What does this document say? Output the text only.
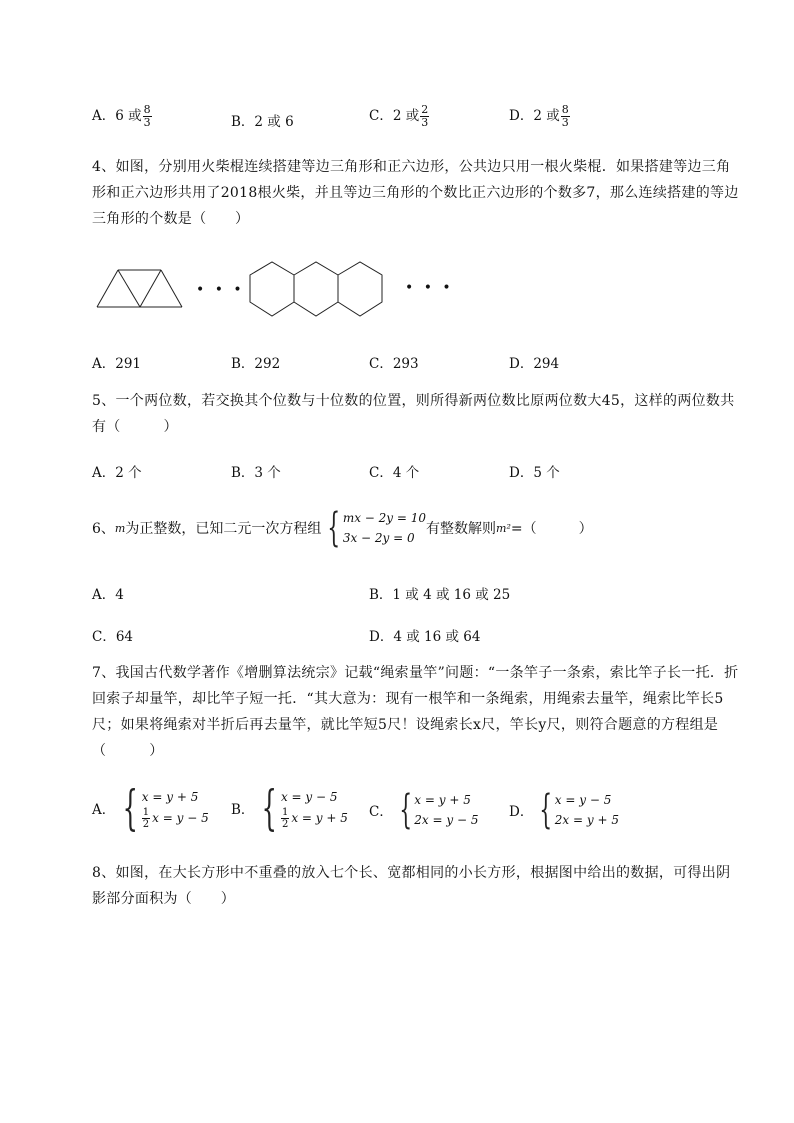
A．6 或 $\frac{8}{3}$	B．2 或 6	C．2 或 $\frac{2}{3}$	D．2 或 $\frac{8}{3}$
4、如图，分别用火柴棍连续搭建等边三角形和正六边形，公共边只用一根火柴棍．如果搭建等边三角形和正六边形共用了2018根火柴，并且等边三角形的个数比正六边形的个数多7，那么连续搭建的等边三角形的个数是（　　）
• • •	• • •
A．291	B．292	C．293	D．294
5、一个两位数，若交换其个位数与十位数的位置，则所得新两位数比原两位数大45，这样的两位数共有（　　　）
A．2 个	B．3 个	C．4 个	D．5 个
6、 m 为正整数，已知二元一次方程组 { mx − 2y = 10
3x − 2y = 0
有整数解则 m² =（　　　）
A．4	B．1 或 4 或 16 或 25
C．64	D．4 或 16 或 64
7、我国古代数学著作《增删算法统宗》记载“绳索量竿”问题：“一条竿子一条索，索比竿子长一托．折回索子却量竿，却比竿子短一托．“其大意为：现有一根竿和一条绳索，用绳索去量竿，绳索比竿长5尺；如果将绳索对半折后再去量竿，就比竿短5尺！设绳索长x尺，竿长y尺，则符合题意的方程组是（　　　）
A． { x = y + 5
1
2 x = y − 5 B． { x = y − 5
1
2 x = y + 5 C． { x = y + 5
2x = y − 5 D． { x = y − 5
2x = y + 5
8、如图，在大长方形中不重叠的放入七个长、宽都相同的小长方形，根据图中给出的数据，可得出阴影部分面积为（　　）
